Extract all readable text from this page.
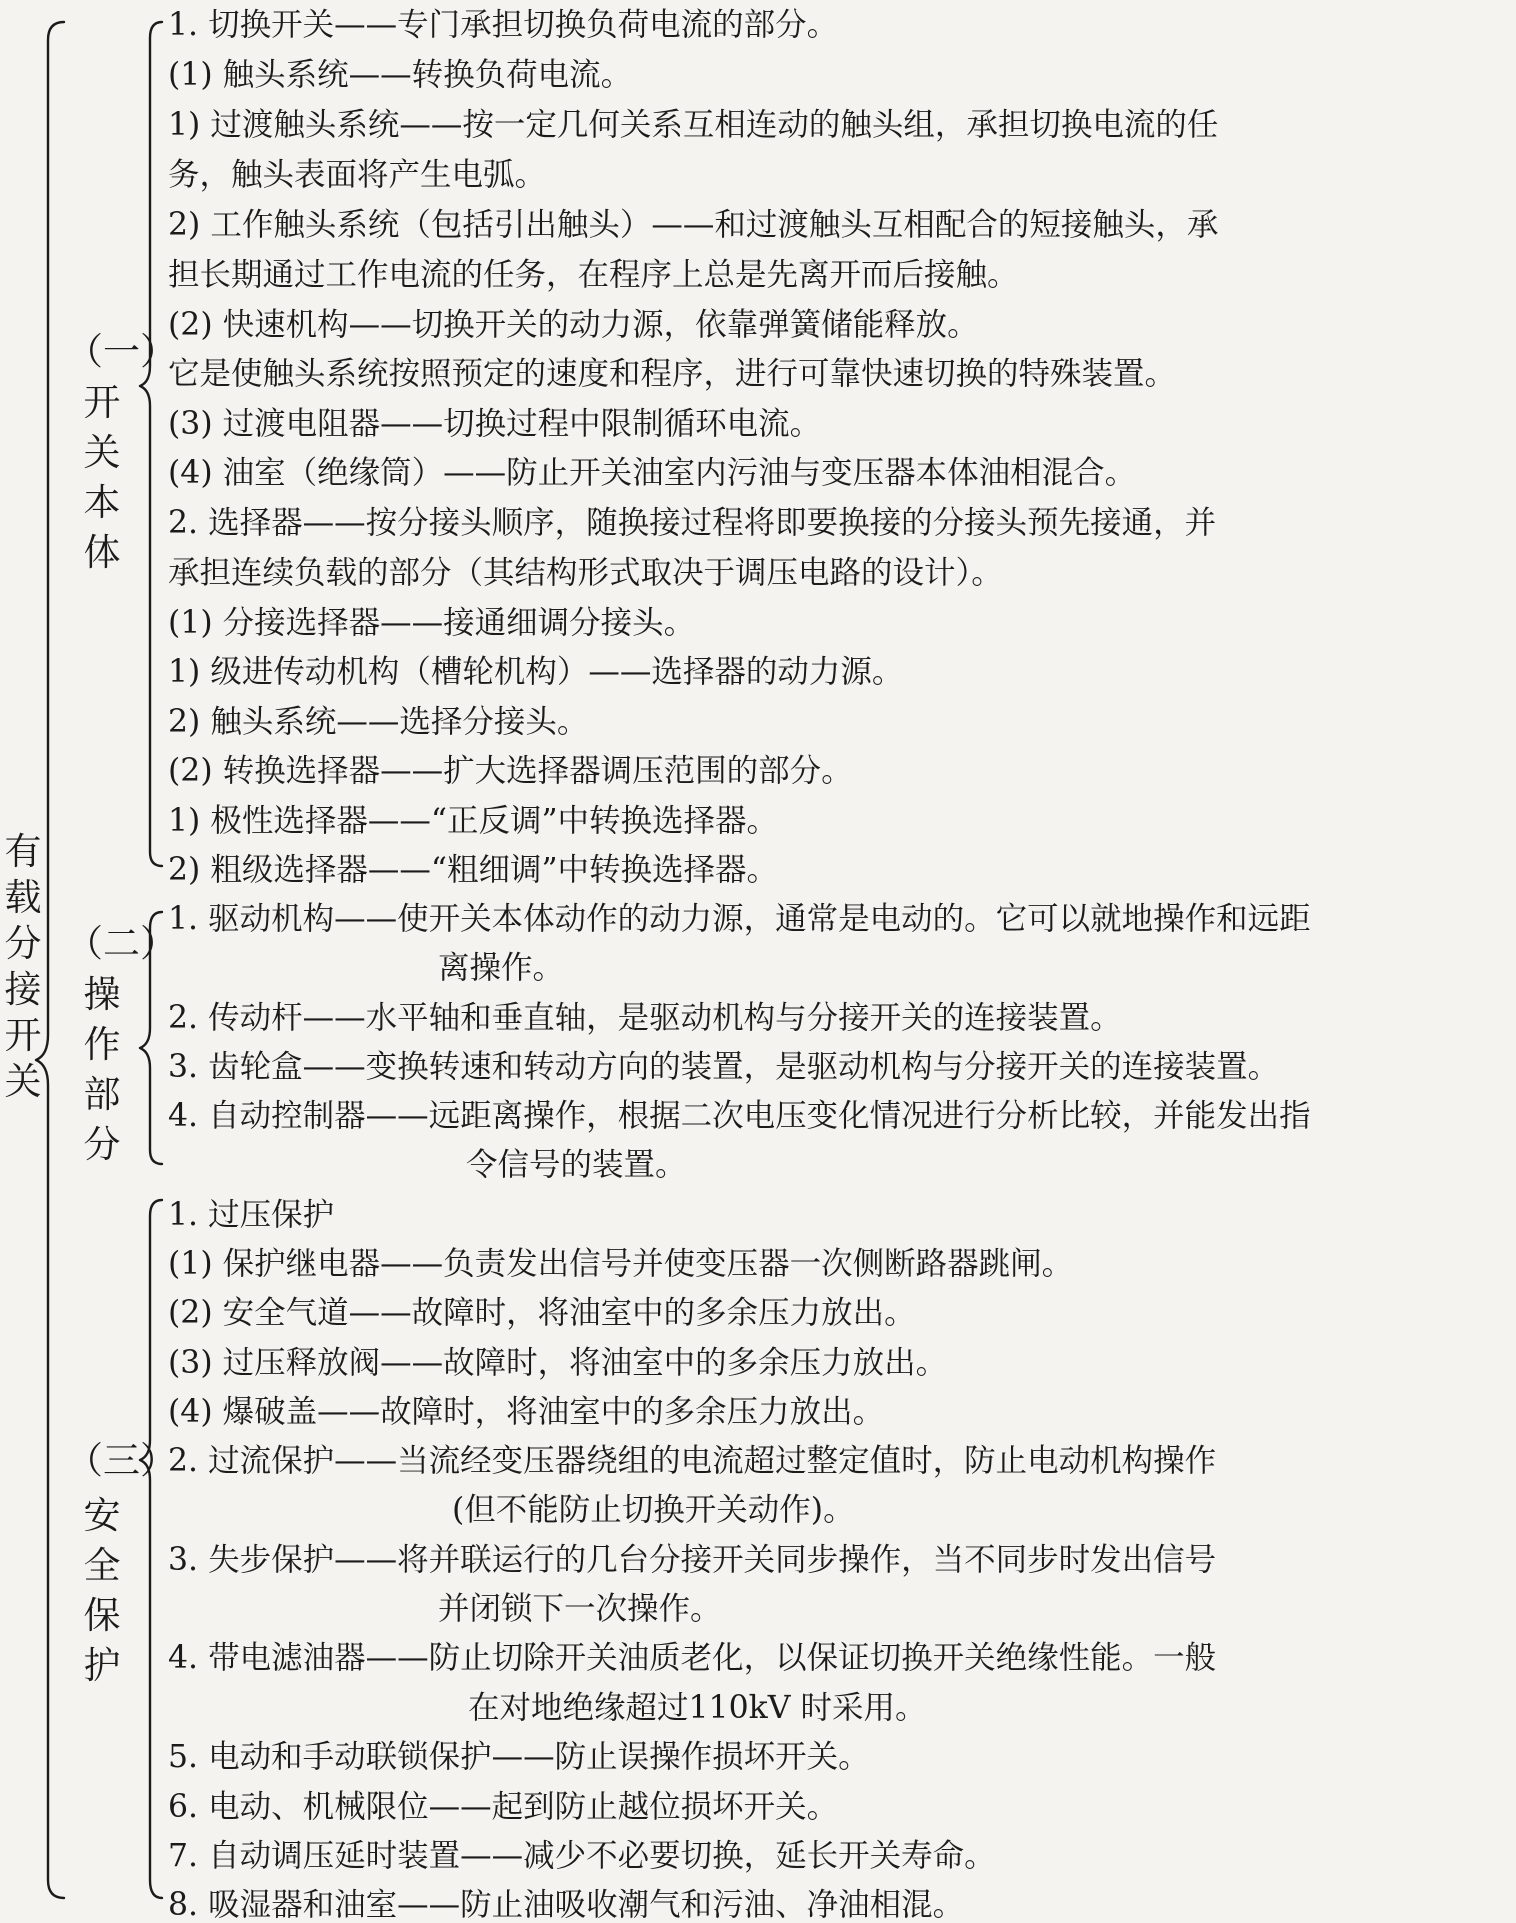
有
载
分
接
开
关
（一）
开
关
本
体
（二）
操
作
部
分
（三）
安
全
保
护
1. 切换开关——专门承担切换负荷电流的部分。
(1) 触头系统——转换负荷电流。
1) 过渡触头系统——按一定几何关系互相连动的触头组，承担切换电流的任
务，触头表面将产生电弧。
2) 工作触头系统（包括引出触头）——和过渡触头互相配合的短接触头，承
担长期通过工作电流的任务，在程序上总是先离开而后接触。
(2) 快速机构——切换开关的动力源，依靠弹簧储能释放。
它是使触头系统按照预定的速度和程序，进行可靠快速切换的特殊装置。
(3) 过渡电阻器——切换过程中限制循环电流。
(4) 油室（绝缘筒）——防止开关油室内污油与变压器本体油相混合。
2. 选择器——按分接头顺序，随换接过程将即要换接的分接头预先接通，并
承担连续负载的部分（其结构形式取决于调压电路的设计）。
(1) 分接选择器——接通细调分接头。
1) 级进传动机构（槽轮机构）——选择器的动力源。
2) 触头系统——选择分接头。
(2) 转换选择器——扩大选择器调压范围的部分。
1) 极性选择器——“正反调”中转换选择器。
2) 粗级选择器——“粗细调”中转换选择器。
1. 驱动机构——使开关本体动作的动力源，通常是电动的。它可以就地操作和远距
离操作。
2. 传动杆——水平轴和垂直轴，是驱动机构与分接开关的连接装置。
3. 齿轮盒——变换转速和转动方向的装置，是驱动机构与分接开关的连接装置。
4. 自动控制器——远距离操作，根据二次电压变化情况进行分析比较，并能发出指
令信号的装置。
1. 过压保护
(1) 保护继电器——负责发出信号并使变压器一次侧断路器跳闸。
(2) 安全气道——故障时，将油室中的多余压力放出。
(3) 过压释放阀——故障时，将油室中的多余压力放出。
(4) 爆破盖——故障时，将油室中的多余压力放出。
2. 过流保护——当流经变压器绕组的电流超过整定值时，防止电动机构操作
(但不能防止切换开关动作)。
3. 失步保护——将并联运行的几台分接开关同步操作，当不同步时发出信号
并闭锁下一次操作。
4. 带电滤油器——防止切除开关油质老化，以保证切换开关绝缘性能。一般
在对地绝缘超过110kV 时采用。
5. 电动和手动联锁保护——防止误操作损坏开关。
6. 电动、机械限位——起到防止越位损坏开关。
7. 自动调压延时装置——减少不必要切换，延长开关寿命。
8. 吸湿器和油室——防止油吸收潮气和污油、净油相混。
